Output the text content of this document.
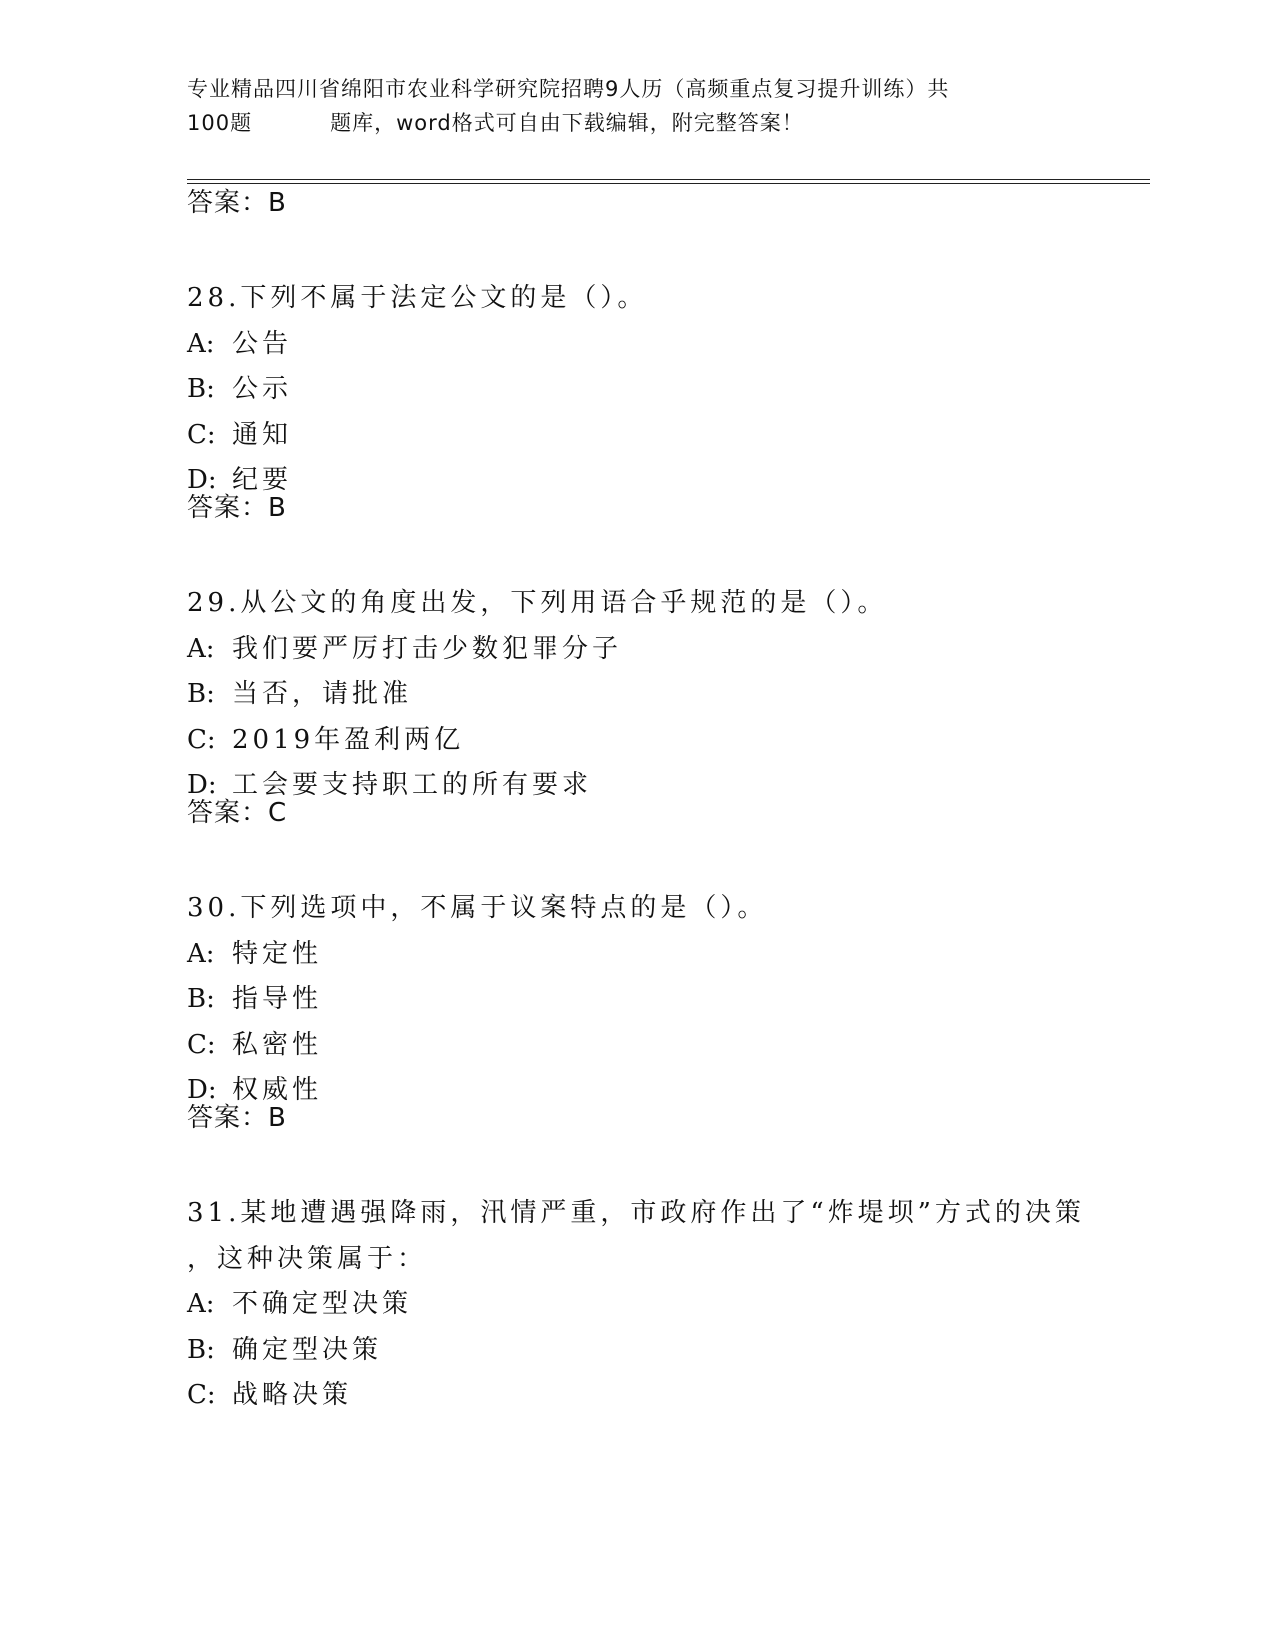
专业精品四川省绵阳市农业科学研究院招聘9人历（高频重点复习提升训练）共
100题	题库，word格式可自由下载编辑，附完整答案！
答案：B
28.下列不属于法定公文的是（）。
A: 公告
B: 公示
C: 通知
D: 纪要
答案：B
29.从公文的角度出发，下列用语合乎规范的是（）。
A: 我们要严厉打击少数犯罪分子
B: 当否，请批准
C: 2019年盈利两亿
D: 工会要支持职工的所有要求
答案：C
30.下列选项中，不属于议案特点的是（）。
A: 特定性
B: 指导性
C: 私密性
D: 权威性
答案：B
31.某地遭遇强降雨，汛情严重，市政府作出了“炸堤坝”方式的决策
，这种决策属于：
A: 不确定型决策
B: 确定型决策
C: 战略决策
